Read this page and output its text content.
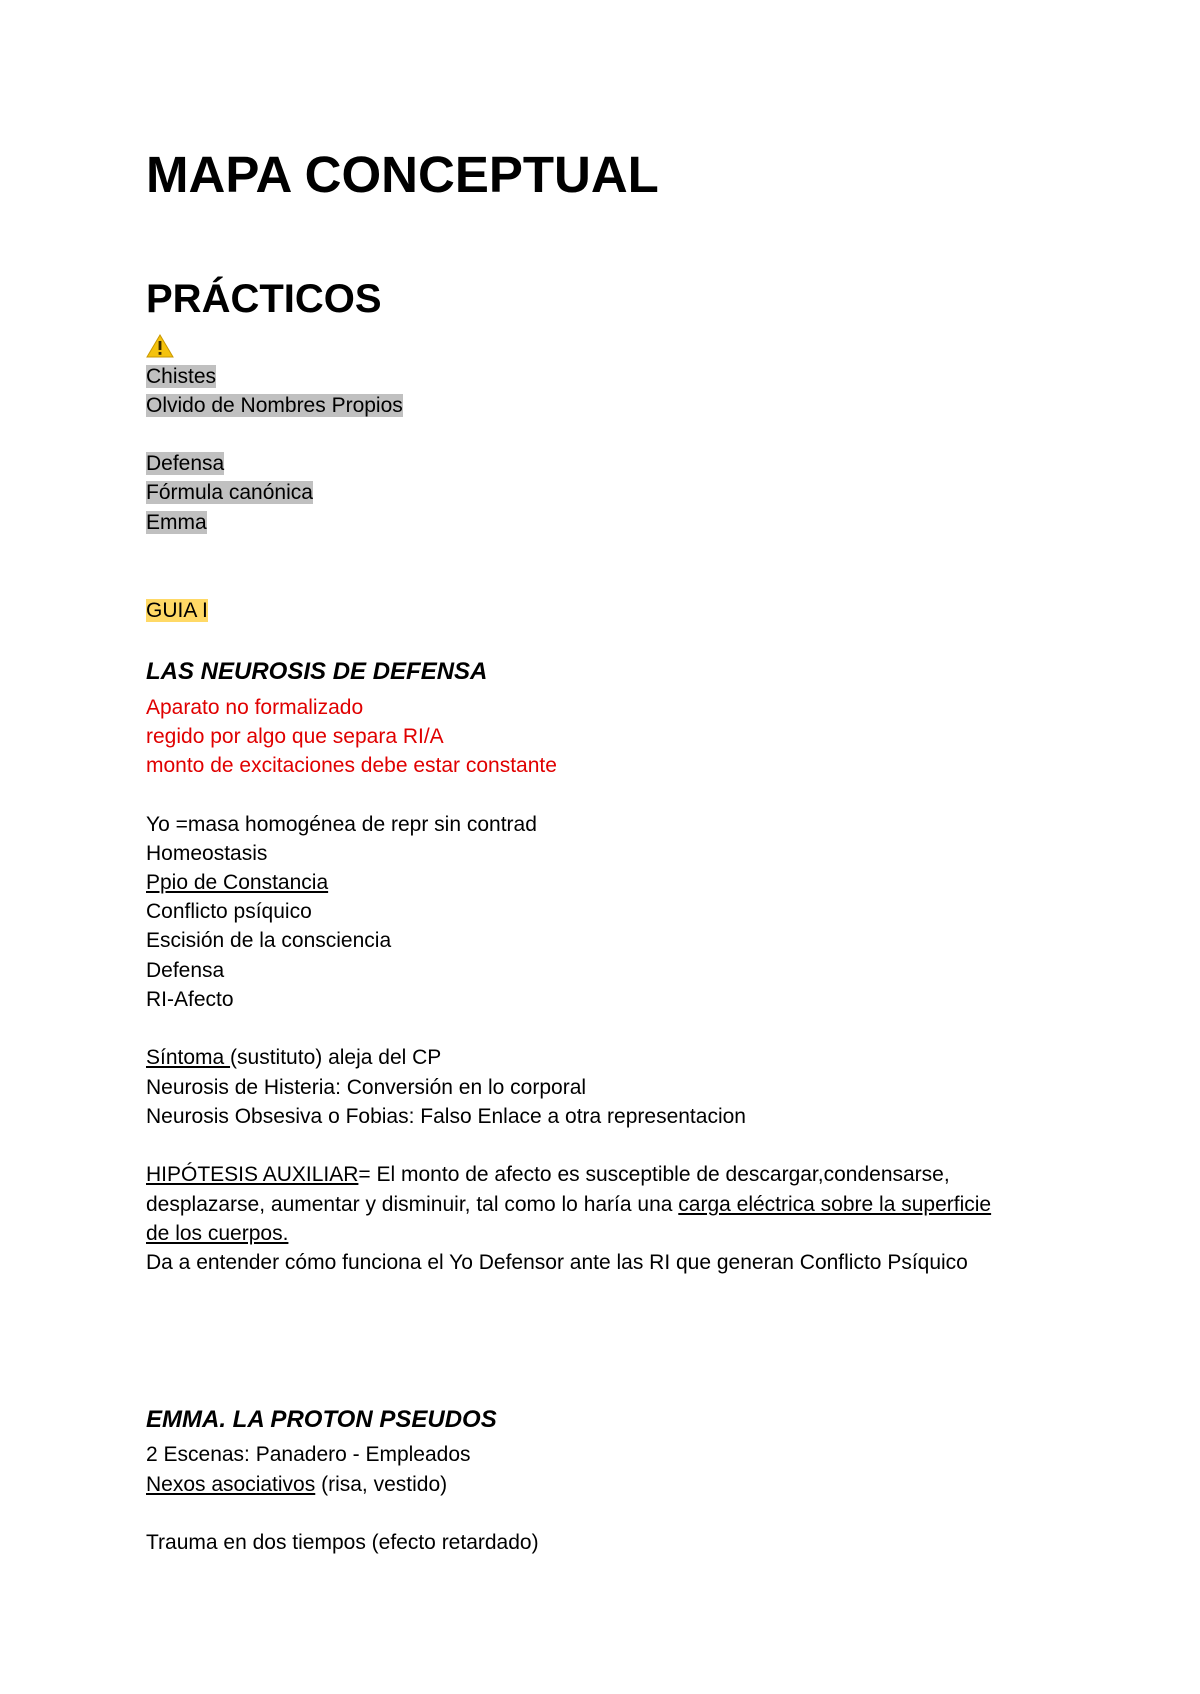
MAPA CONCEPTUAL
PRÁCTICOS
Chistes
Olvido de Nombres Propios
Defensa
Fórmula canónica
Emma
GUIA I
LAS NEUROSIS DE DEFENSA
Aparato no formalizado
regido por algo que separa RI/A
monto de excitaciones debe estar constante
Yo =masa homogénea de repr sin contrad
Homeostasis
Ppio de Constancia
Conflicto psíquico
Escisión de la consciencia
Defensa
RI-Afecto
Síntoma (sustituto) aleja del CP
Neurosis de Histeria: Conversión en lo corporal
Neurosis Obsesiva o Fobias: Falso Enlace a otra representacion
HIPÓTESIS AUXILIAR= El monto de afecto es susceptible de descargar,condensarse,
desplazarse, aumentar y disminuir, tal como lo haría una carga eléctrica sobre la superficie
de los cuerpos.
Da a entender cómo funciona el Yo Defensor ante las RI que generan Conflicto Psíquico
EMMA. LA PROTON PSEUDOS
2 Escenas: Panadero - Empleados
Nexos asociativos (risa, vestido)
Trauma en dos tiempos (efecto retardado)
